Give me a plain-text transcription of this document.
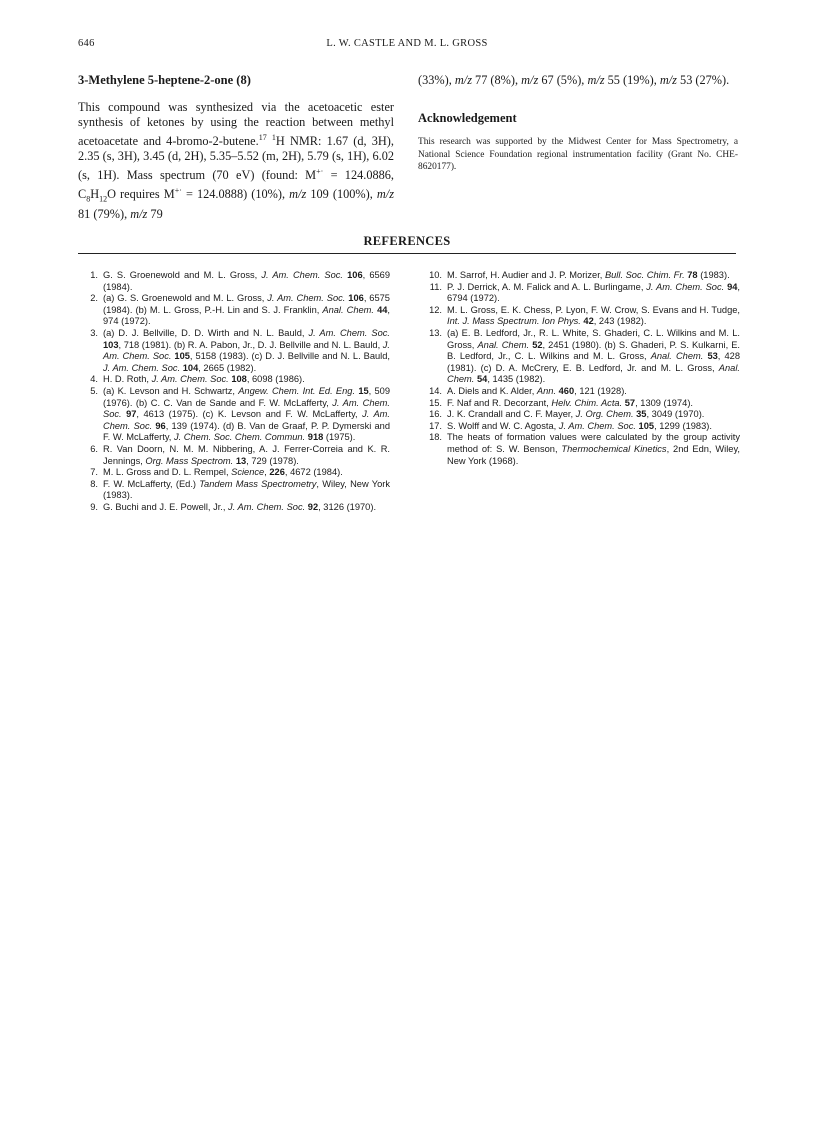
646	L. W. CASTLE AND M. L. GROSS
3-Methylene 5-heptene-2-one (8)

This compound was synthesized via the acetoacetic ester synthesis of ketones by using the reaction between methyl acetoacetate and 4-bromo-2-butene.$^{17}$ $^1$H NMR: 1.67 (d, 3H), 2.35 (s, 3H), 3.45 (d, 2H), 5.35–5.52 (m, 2H), 5.79 (s, 1H), 6.02 (s, 1H). Mass spectrum (70 eV) (found: M+· = 124.0886, $C_8H_{12}O$ requires M+· = 124.0888) (10%), m/z 109 (100%), m/z 81 (79%), m/z 79

(33%), m/z 77 (8%), m/z 67 (5%), m/z 55 (19%), m/z 53 (27%).

Acknowledgement

This research was supported by the Midwest Center for Mass Spectrometry, a National Science Foundation regional instrumentation facility (Grant No. CHE-8620177).

REFERENCES
1. G. S. Groenewold and M. L. Gross, J. Am. Chem. Soc. 106, 6569 (1984).
2. (a) G. S. Groenewold and M. L. Gross, J. Am. Chem. Soc. 106, 6575 (1984). (b) M. L. Gross, P.-H. Lin and S. J. Franklin, Anal. Chem. 44, 974 (1972).
3. (a) D. J. Bellville, D. D. Wirth and N. L. Bauld, J. Am. Chem. Soc. 103, 718 (1981). (b) R. A. Pabon, Jr., D. J. Bellville and N. L. Bauld, J. Am. Chem. Soc. 105, 5158 (1983). (c) D. J. Bellville and N. L. Bauld, J. Am. Chem. Soc. 104, 2665 (1982).
4. H. D. Roth, J. Am. Chem. Soc. 108, 6098 (1986).
5. (a) K. Levson and H. Schwartz, Angew. Chem. Int. Ed. Eng. 15, 509 (1976). (b) C. C. Van de Sande and F. W. McLafferty, J. Am. Chem. Soc. 97, 4613 (1975). (c) K. Levson and F. W. McLafferty, J. Am. Chem. Soc. 96, 139 (1974). (d) B. Van de Graaf, P. P. Dymerski and F. W. McLafferty, J. Chem. Soc. Chem. Commun. 918 (1975).
6. R. Van Doorn, N. M. M. Nibbering, A. J. Ferrer-Correia and K. R. Jennings, Org. Mass Spectrom. 13, 729 (1978).
7. M. L. Gross and D. L. Rempel, Science, 226, 4672 (1984).
8. F. W. McLafferty, (Ed.) Tandem Mass Spectrometry, Wiley, New York (1983).
9. G. Buchi and J. E. Powell, Jr., J. Am. Chem. Soc. 92, 3126 (1970).
10. M. Sarrof, H. Audier and J. P. Morizer, Bull. Soc. Chim. Fr. 78 (1983).
11. P. J. Derrick, A. M. Falick and A. L. Burlingame, J. Am. Chem. Soc. 94, 6794 (1972).
12. M. L. Gross, E. K. Chess, P. Lyon, F. W. Crow, S. Evans and H. Tudge, Int. J. Mass Spectrum. Ion Phys. 42, 243 (1982).
13. (a) E. B. Ledford, Jr., R. L. White, S. Ghaderi, C. L. Wilkins and M. L. Gross, Anal. Chem. 52, 2451 (1980). (b) S. Ghaderi, P. S. Kulkarni, E. B. Ledford, Jr., C. L. Wilkins and M. L. Gross, Anal. Chem. 53, 428 (1981). (c) D. A. McCrery, E. B. Ledford, Jr. and M. L. Gross, Anal. Chem. 54, 1435 (1982).
14. A. Diels and K. Alder, Ann. 460, 121 (1928).
15. F. Naf and R. Decorzant, Helv. Chim. Acta. 57, 1309 (1974).
16. J. K. Crandall and C. F. Mayer, J. Org. Chem. 35, 3049 (1970).
17. S. Wolff and W. C. Agosta, J. Am. Chem. Soc. 105, 1299 (1983).
18. The heats of formation values were calculated by the group activity method of: S. W. Benson, Thermochemical Kinetics, 2nd Edn, Wiley, New York (1968).
